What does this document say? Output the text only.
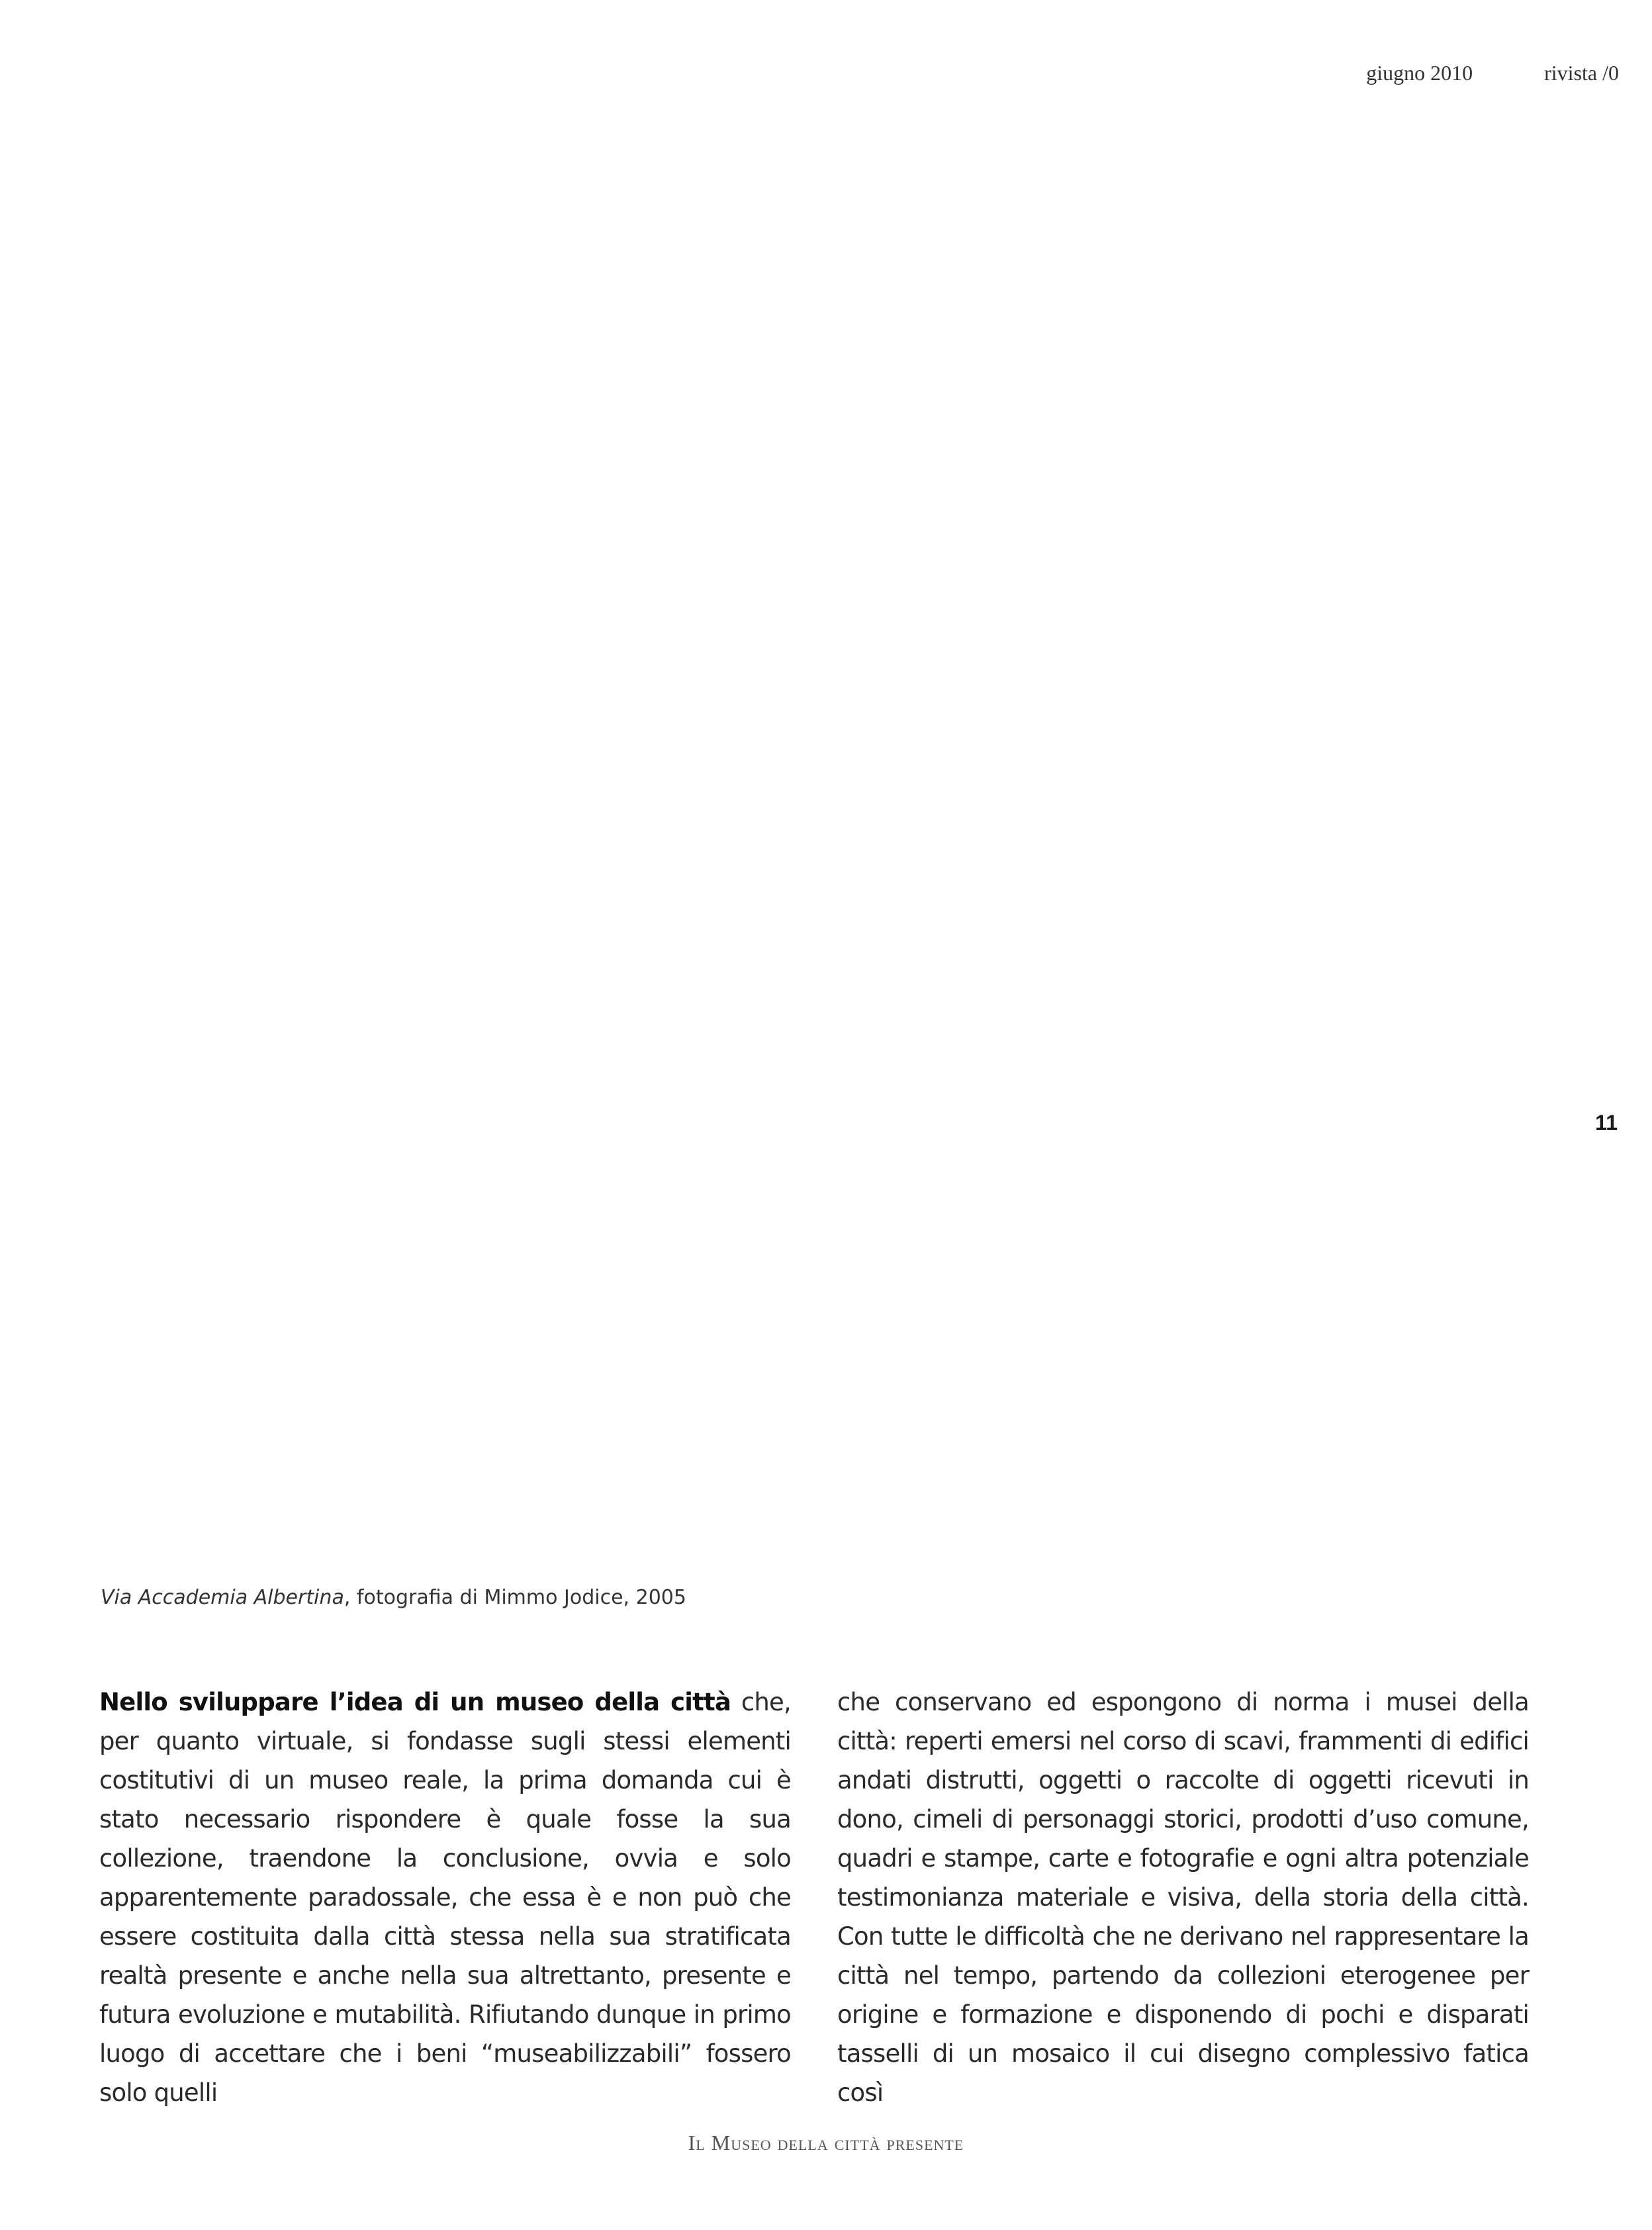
giugno 2010	rivista /0
11
Via Accademia Albertina, fotografia di Mimmo Jodice, 2005
Nello sviluppare l’idea di un museo della città che, per quanto virtuale, si fondasse sugli stessi elementi costitutivi di un museo reale, la prima domanda cui è stato necessario rispondere è quale fosse la sua collezione, traendone la conclusione, ovvia e solo apparentemente paradossale, che essa è e non può che essere costituita dalla città stessa nella sua stratificata realtà presente e anche nella sua altrettanto, presente e futura evoluzione e mutabilità. Rifiutando dunque in primo luogo di accettare che i beni “museabilizzabili” fossero solo quelli
che conservano ed espongono di norma i musei della città: reperti emersi nel corso di scavi, frammenti di edifici andati distrutti, oggetti o raccolte di oggetti ricevuti in dono, cimeli di personaggi storici, prodotti d’uso comune, quadri e stampe, carte e fotografie e ogni altra potenziale testimonianza materiale e visiva, della storia della città. Con tutte le difficoltà che ne derivano nel rappresentare la città nel tempo, partendo da collezioni eterogenee per origine e formazione e disponendo di pochi e disparati tasselli di un mosaico il cui disegno complessivo fatica così
Il Museo della città presente
